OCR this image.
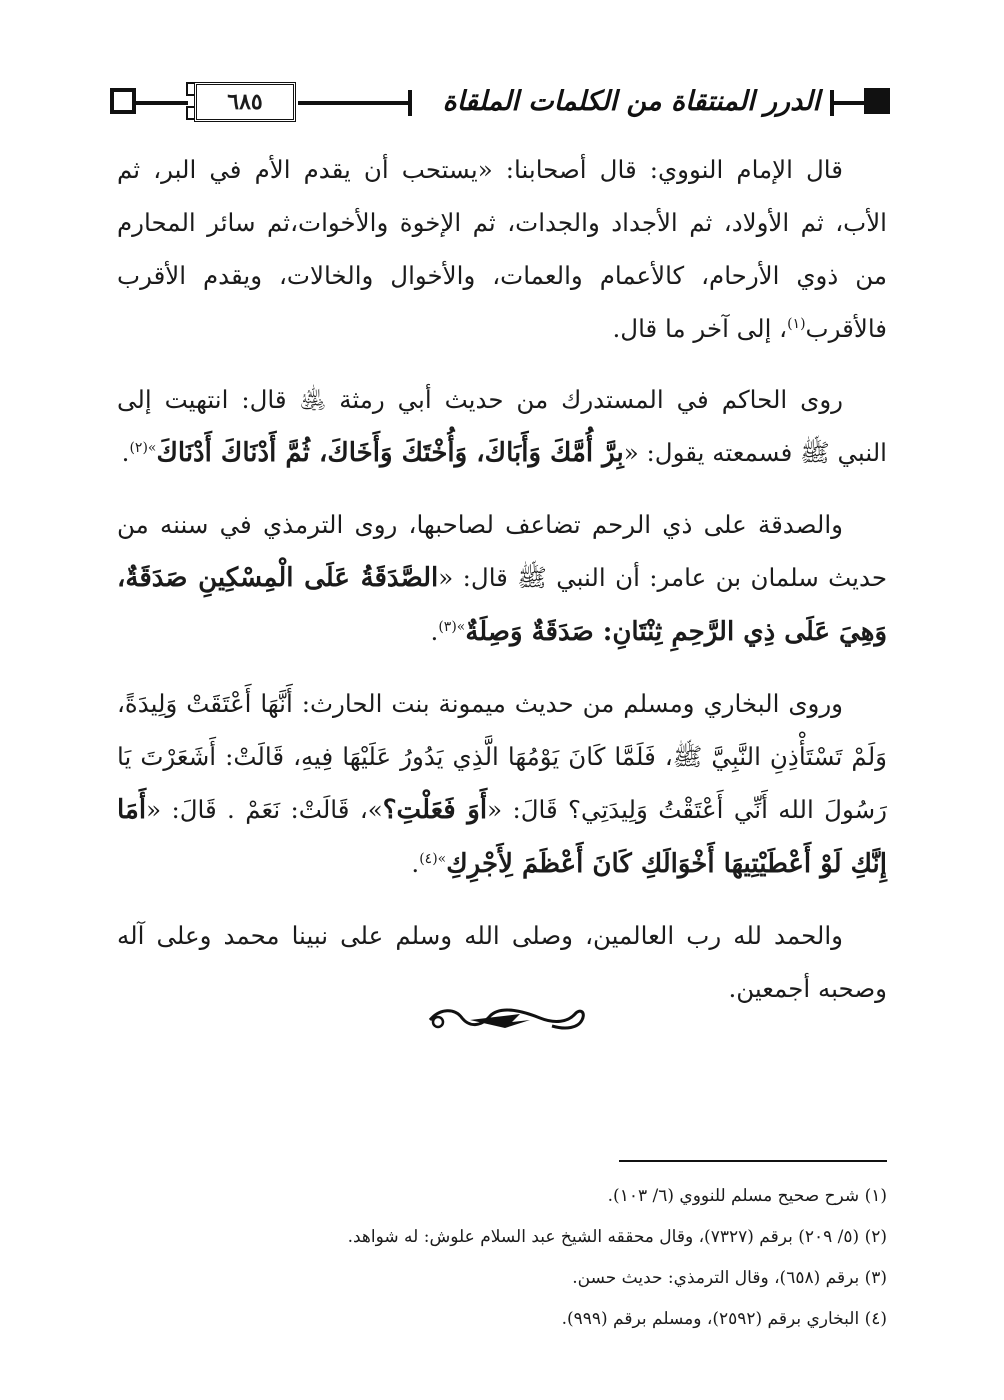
الدرر المنتقاة من الكلمات الملقاة
٦٨٥

قال الإمام النووي: قال أصحابنا: «يستحب أن يقدم الأم في البر، ثم الأب، ثم الأولاد، ثم الأجداد والجدات، ثم الإخوة والأخوات،ثم سائر المحارم من ذوي الأرحام، كالأعمام والعمات، والأخوال والخالات، ويقدم الأقرب فالأقرب$^{(١)}$، إلى آخر ما قال.

روى الحاكم في المستدرك من حديث أبي رمثة ﵁ قال: انتهيت إلى النبي ﷺ فسمعته يقول: «بِرَّ أُمَّكَ وَأَبَاكَ، وَأُخْتَكَ وَأَخَاكَ، ثُمَّ أَدْنَاكَ أَدْنَاكَ$^{»(٢)}$.

والصدقة على ذي الرحم تضاعف لصاحبها، روى الترمذي في سننه من حديث سلمان بن عامر: أن النبي ﷺ قال: «الصَّدَقَةُ عَلَى الْمِسْكِينِ صَدَقَةٌ، وَهِيَ عَلَى ذِي الرَّحِمِ ثِنْتَانِ: صَدَقَةٌ وَصِلَةٌ$^{»(٣)}$.

وروى البخاري ومسلم من حديث ميمونة بنت الحارث: أَنَّهَا أَعْتَقَتْ وَلِيدَةً، وَلَمْ تَسْتَأْذِنِ النَّبِيَّ ﷺ، فَلَمَّا كَانَ يَوْمُهَا الَّذِي يَدُورُ عَلَيْهَا فِيهِ، قَالَتْ: أَشَعَرْتَ يَا رَسُولَ الله أَنِّي أَعْتَقْتُ وَلِيدَتِي؟ قَالَ: «أَوَ فَعَلْتِ؟»، قَالَتْ: نَعَمْ . قَالَ: «أَمَا إِنَّكِ لَوْ أَعْطَيْتِيهَا أَخْوَالَكِ كَانَ أَعْظَمَ لِأَجْرِكِ$^{»(٤)}$.

والحمد لله رب العالمين، وصلى الله وسلم على نبينا محمد وعلى آله وصحبه أجمعين.

(١) شرح صحيح مسلم للنووي (٦/ ١٠٣).

(٢) (٥/ ٢٠٩) برقم (٧٣٢٧)، وقال محققه الشيخ عبد السلام علوش: له شواهد.

(٣) برقم (٦٥٨)، وقال الترمذي: حديث حسن.

(٤) البخاري برقم (٢٥٩٢)، ومسلم برقم (٩٩٩).
